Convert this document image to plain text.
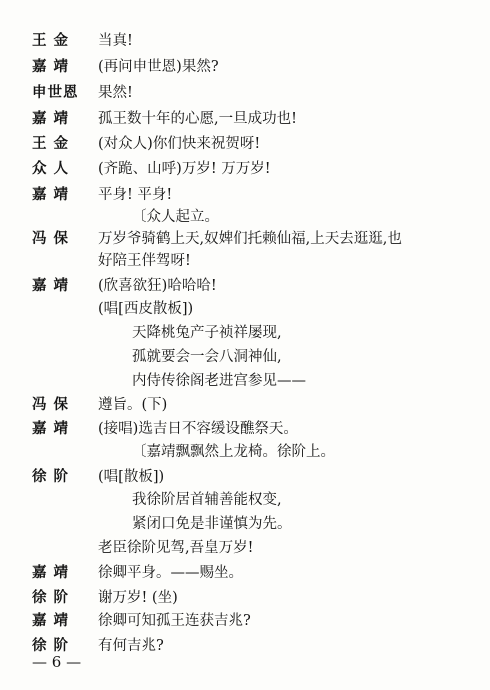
王 金	当真!
嘉 靖	(再问申世恩)果然?
申世恩	果然!
嘉 靖	孤王数十年的心愿,一旦成功也!
王 金	(对众人)你们快来祝贺呀!
众 人	(齐跪、山呼)万岁! 万万岁!
嘉 靖	平身! 平身!
〔众人起立。
冯 保	万岁爷骑鹤上天,奴婢们托赖仙福,上天去逛逛,也
好陪王伴驾呀!
嘉 靖	(欣喜欲狂)哈哈哈!
(唱[西皮散板])
天降桃兔产子祯祥屡现,
孤就要会一会八洞神仙,
内侍传徐阁老进宫参见——
冯 保	遵旨。(下)
嘉 靖	(接唱)选吉日不容缓设醮祭天。
〔嘉靖飘飘然上龙椅。徐阶上。
徐 阶	(唱[散板])
我徐阶居首辅善能权变,
紧闭口免是非谨慎为先。
老臣徐阶见驾,吾皇万岁!
嘉 靖	徐卿平身。——赐坐。
徐 阶	谢万岁! (坐)
嘉 靖	徐卿可知孤王连获吉兆?
徐 阶	有何吉兆?
— 6 —
